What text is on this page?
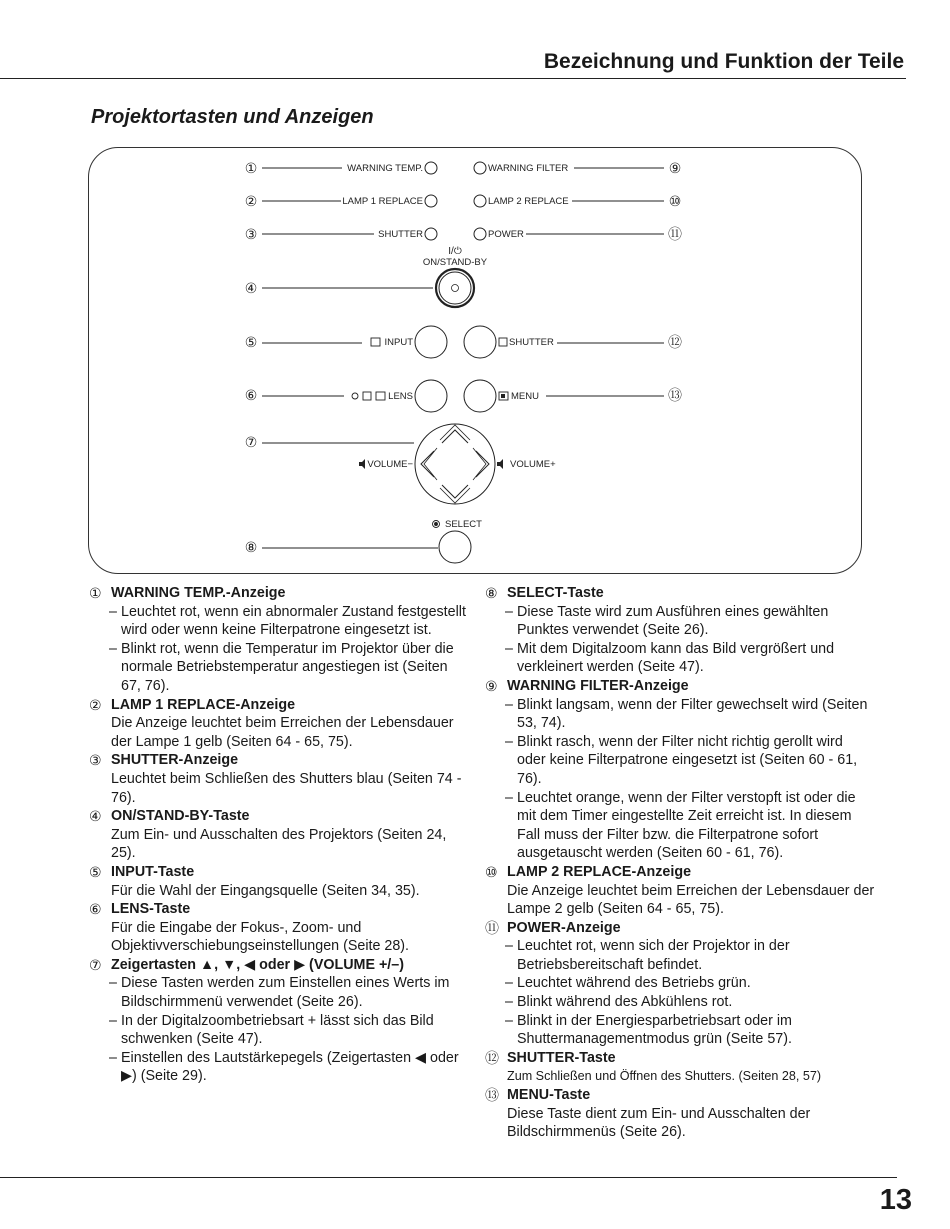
Bezeichnung und Funktion der Teile
Projektortasten und Anzeigen
①
②
③
④
⑤
⑥
⑦
⑧
⑨
⑩
⑪
⑫
⑬
WARNING TEMP.
LAMP 1 REPLACE
SHUTTER
WARNING FILTER
LAMP 2 REPLACE
POWER
I/⏻
ON/STAND-BY
INPUT	SHUTTER
LENS	MENU
VOLUME−	VOLUME+
SELECT
① WARNING TEMP.-Anzeige
– Leuchtet rot, wenn ein abnormaler Zustand festgestellt wird oder wenn keine Filterpatrone eingesetzt ist.
– Blinkt rot, wenn die Temperatur im Projektor über die normale Betriebstemperatur angestiegen ist (Seiten 67, 76).
② LAMP 1 REPLACE-Anzeige
Die Anzeige leuchtet beim Erreichen der Lebensdauer der Lampe 1 gelb (Seiten 64 - 65, 75).
③ SHUTTER-Anzeige
Leuchtet beim Schließen des Shutters blau (Seiten 74 - 76).
④ ON/STAND-BY-Taste
Zum Ein- und Ausschalten des Projektors (Seiten 24, 25).
⑤ INPUT-Taste
Für die Wahl der Eingangsquelle (Seiten 34, 35).
⑥ LENS-Taste
Für die Eingabe der Fokus-, Zoom- und Objektivverschiebungseinstellungen (Seite 28).
⑦ Zeigertasten ▲, ▼, ◀ oder ▶ (VOLUME +/–)
– Diese Tasten werden zum Einstellen eines Werts im Bildschirmmenü verwendet (Seite 26).
– In der Digitalzoombetriebsart + lässt sich das Bild schwenken (Seite 47).
– Einstellen des Lautstärkepegels (Zeigertasten ◀ oder ▶) (Seite 29).
⑧ SELECT-Taste
– Diese Taste wird zum Ausführen eines gewählten Punktes verwendet (Seite 26).
– Mit dem Digitalzoom kann das Bild vergrößert und verkleinert werden (Seite 47).
⑨ WARNING FILTER-Anzeige
– Blinkt langsam, wenn der Filter gewechselt wird (Seiten 53, 74).
– Blinkt rasch, wenn der Filter nicht richtig gerollt wird oder keine Filterpatrone eingesetzt ist (Seiten 60 - 61, 76).
– Leuchtet orange, wenn der Filter verstopft ist oder die mit dem Timer eingestellte Zeit erreicht ist. In diesem Fall muss der Filter bzw. die Filterpatrone sofort ausgetauscht werden (Seiten 60 - 61, 76).
⑩ LAMP 2 REPLACE-Anzeige
Die Anzeige leuchtet beim Erreichen der Lebensdauer der Lampe 2 gelb (Seiten 64 - 65, 75).
⑪ POWER-Anzeige
– Leuchtet rot, wenn sich der Projektor in der Betriebsbereitschaft befindet.
– Leuchtet während des Betriebs grün.
– Blinkt während des Abkühlens rot.
– Blinkt in der Energiesparbetriebsart oder im Shuttermanagementmodus grün (Seite 57).
⑫ SHUTTER-Taste
Zum Schließen und Öffnen des Shutters. (Seiten 28, 57)
⑬ MENU-Taste
Diese Taste dient zum Ein- und Ausschalten der Bildschirmmenüs (Seite 26).
13
